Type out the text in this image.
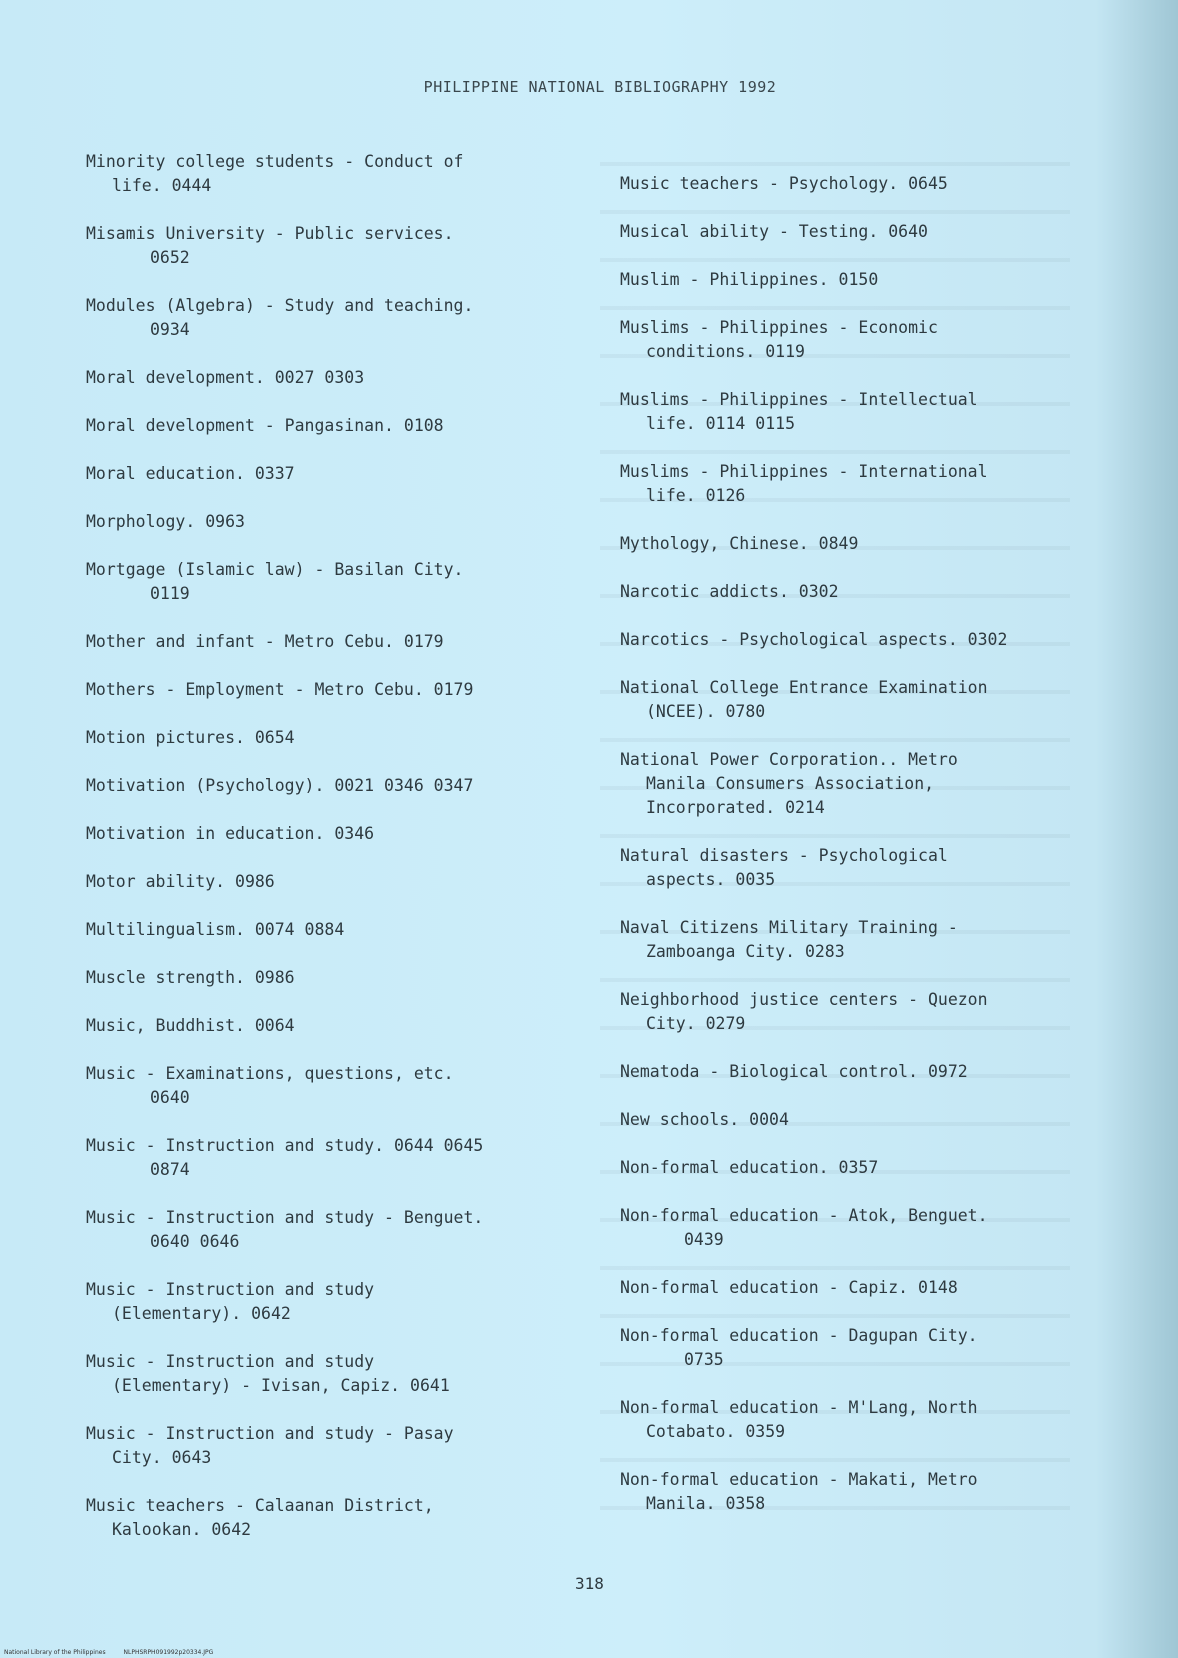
PHILIPPINE NATIONAL BIBLIOGRAPHY 1992
Minority college students - Conduct of
life. 0444
Misamis University - Public services.
0652
Modules (Algebra) - Study and teaching.
0934
Moral development. 0027 0303
Moral development - Pangasinan. 0108
Moral education. 0337
Morphology. 0963
Mortgage (Islamic law) - Basilan City.
0119
Mother and infant - Metro Cebu. 0179
Mothers - Employment - Metro Cebu. 0179
Motion pictures. 0654
Motivation (Psychology). 0021 0346 0347
Motivation in education. 0346
Motor ability. 0986
Multilingualism. 0074 0884
Muscle strength. 0986
Music, Buddhist. 0064
Music - Examinations, questions, etc.
0640
Music - Instruction and study. 0644 0645
0874
Music - Instruction and study - Benguet.
0640 0646
Music - Instruction and study
(Elementary). 0642
Music - Instruction and study
(Elementary) - Ivisan, Capiz. 0641
Music - Instruction and study - Pasay
City. 0643
Music teachers - Calaanan District,
Kalookan. 0642
Music teachers - Psychology. 0645
Musical ability - Testing. 0640
Muslim - Philippines. 0150
Muslims - Philippines - Economic
conditions. 0119
Muslims - Philippines - Intellectual
life. 0114 0115
Muslims - Philippines - International
life. 0126
Mythology, Chinese. 0849
Narcotic addicts. 0302
Narcotics - Psychological aspects. 0302
National College Entrance Examination
(NCEE). 0780
National Power Corporation.. Metro
Manila Consumers Association,
Incorporated. 0214
Natural disasters - Psychological
aspects. 0035
Naval Citizens Military Training -
Zamboanga City. 0283
Neighborhood justice centers - Quezon
City. 0279
Nematoda - Biological control. 0972
New schools. 0004
Non-formal education. 0357
Non-formal education - Atok, Benguet.
0439
Non-formal education - Capiz. 0148
Non-formal education - Dagupan City.
0735
Non-formal education - M'Lang, North
Cotabato. 0359
Non-formal education - Makati, Metro
Manila. 0358
318
National Library of the Philippines	NLPHSRPH091992p20334.JPG
